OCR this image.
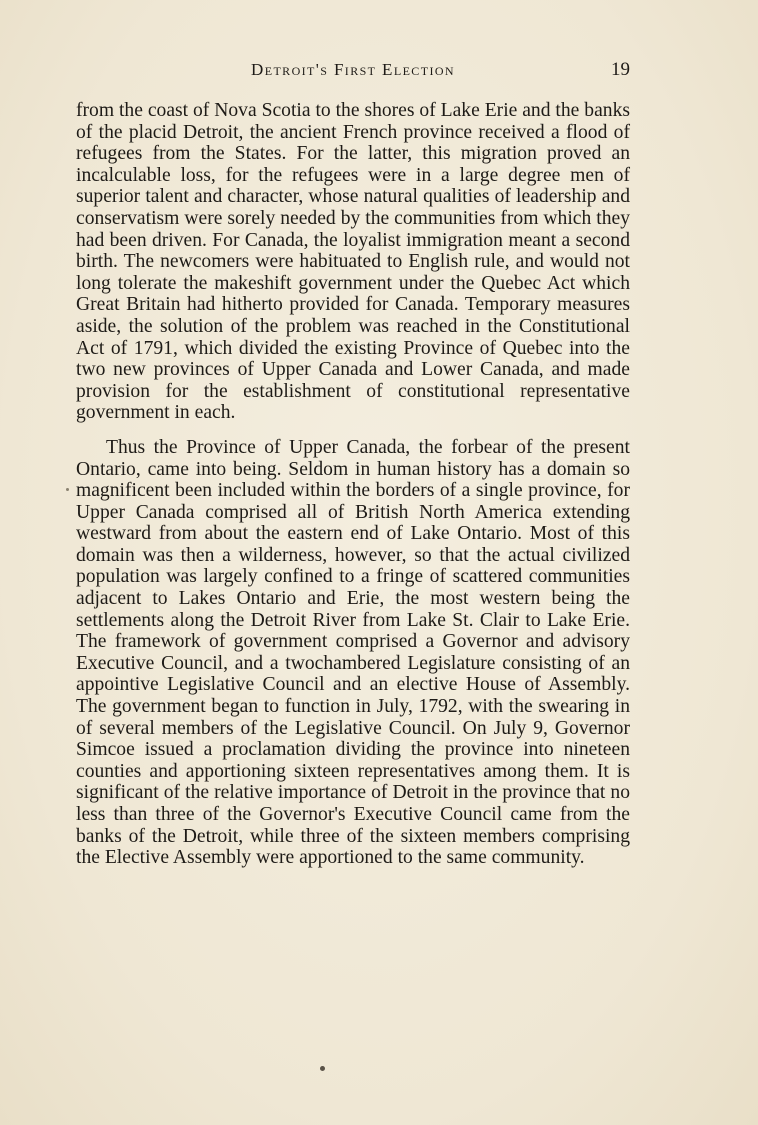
Detroit's First Election	19

from the coast of Nova Scotia to the shores of Lake Erie and the banks of the placid Detroit, the ancient French province received a flood of refugees from the States. For the latter, this migration proved an incalculable loss, for the refugees were in a large degree men of superior talent and character, whose natural qualities of leadership and conservatism were sorely needed by the communities from which they had been driven. For Canada, the loyalist immigration meant a second birth. The newcomers were habituated to English rule, and would not long tolerate the makeshift government under the Quebec Act which Great Britain had hitherto provided for Canada. Temporary measures aside, the solution of the problem was reached in the Constitutional Act of 1791, which divided the existing Province of Quebec into the two new provinces of Upper Canada and Lower Canada, and made provision for the establishment of constitutional representative government in each.

Thus the Province of Upper Canada, the forbear of the present Ontario, came into being. Seldom in human history has a domain so magnificent been included within the borders of a single province, for Upper Canada comprised all of British North America extending westward from about the eastern end of Lake Ontario. Most of this domain was then a wilderness, however, so that the actual civilized population was largely confined to a fringe of scattered communities adjacent to Lakes Ontario and Erie, the most western being the settlements along the Detroit River from Lake St. Clair to Lake Erie. The framework of government comprised a Governor and advisory Executive Council, and a twochambered Legislature consisting of an appointive Legislative Council and an elective House of Assembly. The government began to function in July, 1792, with the swearing in of several members of the Legislative Council. On July 9, Governor Simcoe issued a proclamation dividing the province into nineteen counties and apportioning sixteen representatives among them. It is significant of the relative importance of Detroit in the province that no less than three of the Governor's Executive Council came from the banks of the Detroit, while three of the sixteen members comprising the Elective Assembly were apportioned to the same community.
